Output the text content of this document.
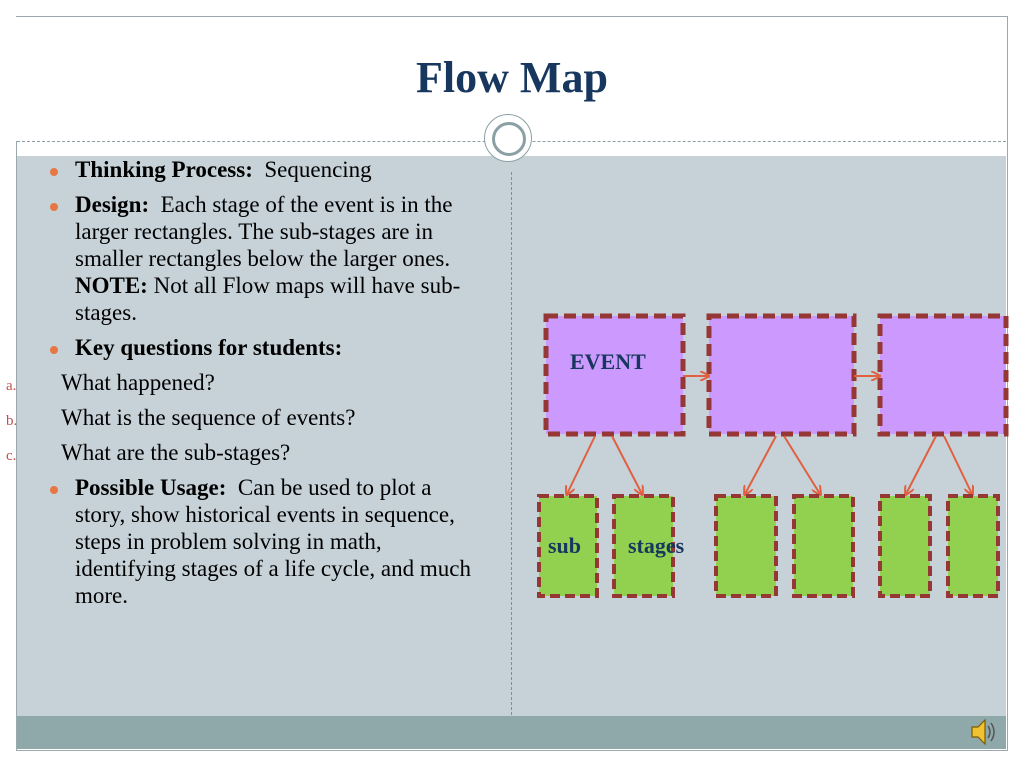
Flow Map
Thinking Process: Sequencing
Design: Each stage of the event is in the larger rectangles. The sub-stages are in smaller rectangles below the larger ones.  NOTE: Not all Flow maps will have sub-stages.
Key questions for students:
a. What happened?
b. What is the sequence of events?
c. What are the sub-stages?
Possible Usage: Can be used to plot a story, show historical events in sequence, steps in problem solving in math, identifying stages of a life cycle, and much more.
EVENT
sub stages
